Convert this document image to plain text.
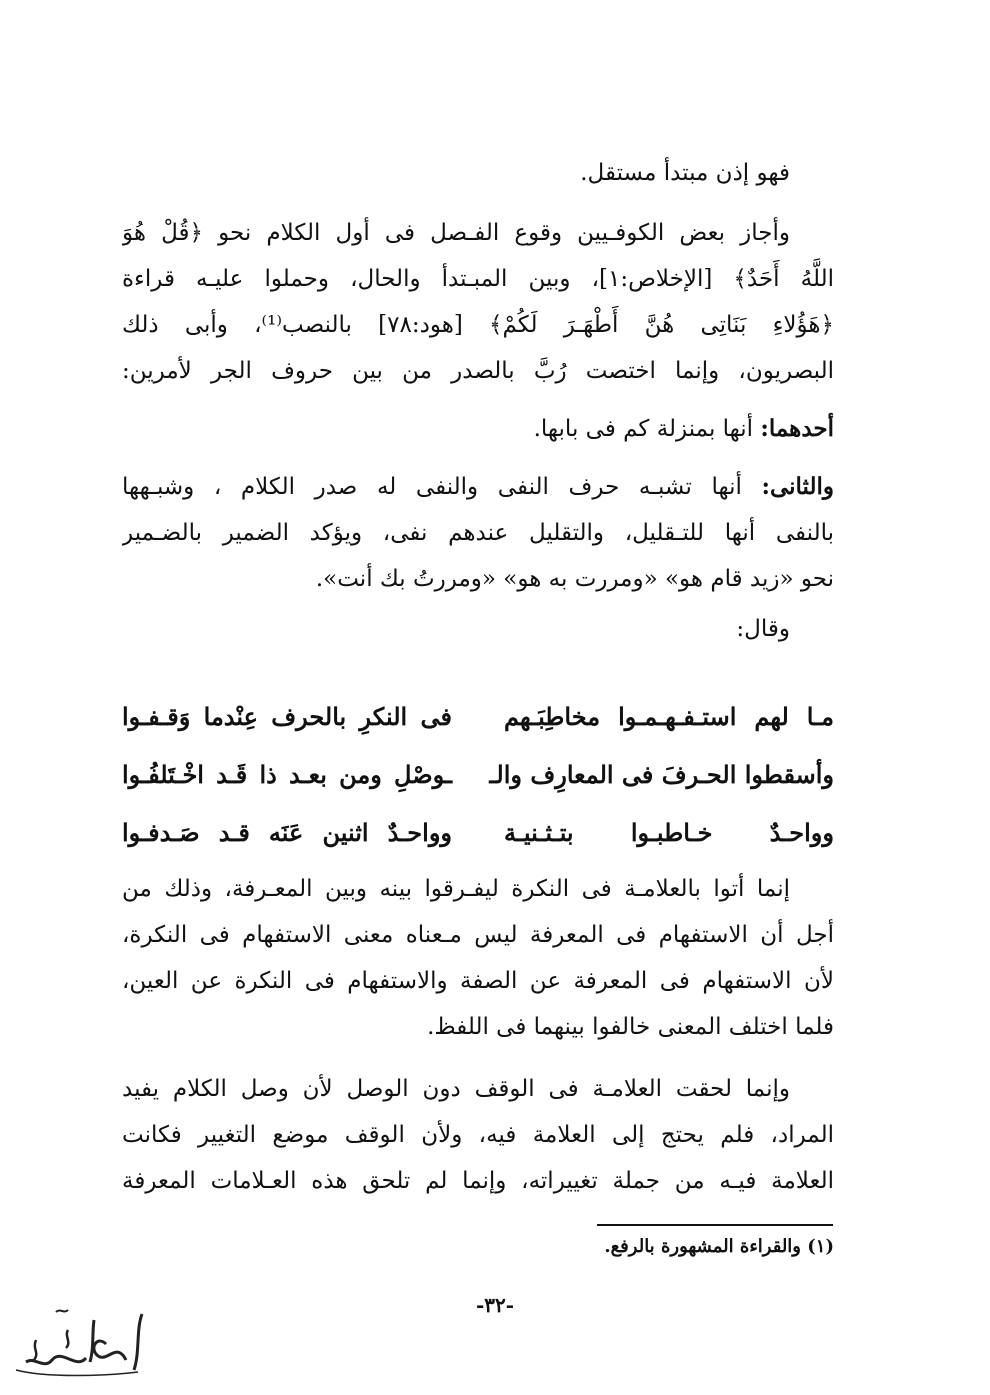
فهو إذن مبتدأ مستقل.
وأجاز بعض الكوفـيين وقوع الفـصل فى أول الكلام نحو ﴿قُلْ هُوَ
اللَّهُ أَحَدٌ﴾ [الإخلاص:١]، وبين المبـتدأ والحال، وحملوا عليـه قراءة
﴿هَؤُلاءِ بَنَاتِى هُنَّ أَطْهَـرَ لَكُمْ﴾ [هود:٧٨] بالنصب⁽¹⁾، وأبى ذلك
البصريون، وإنما اختصت رُبَّ بالصدر من بين حروف الجر لأمرين:
أحدهما: أنها بمنزلة كم فى بابها.
والثانى: أنها تشبـه حرف النفى والنفى له صدر الكلام ، وشبـهها
بالنفى أنها للتـقليل، والتقليل عندهم نفى، ويؤكد الضمير بالضـمير
نحو «زيد قام هو» «ومررت به هو» «ومررتُ بك أنت».
وقال:
مـا لهم استـفـهـمـوا مخاطِبَـهم
فى النكرِ بالحرف عِنْدما وَقـفـوا
وأسقطوا الحـرفَ فى المعارِف والـ
ـوصْلِ ومن بعـد ذا قَـد اخْـتَلفُـوا
وواحـدٌ خـاطبـوا بتـثـنيـة
وواحـدٌ اثنين عَنَه قـد صَـدفـوا
إنما أتوا بالعلامـة فى النكرة ليفـرقوا بينه وبين المعـرفة، وذلك من
أجل أن الاستفهام فى المعرفة ليس مـعناه معنى الاستفهام فى النكرة،
لأن الاستفهام فى المعرفة عن الصفة والاستفهام فى النكرة عن العين،
فلما اختلف المعنى خالفوا بينهما فى اللفظ.
وإنما لحقت العلامـة فى الوقف دون الوصل لأن وصل الكلام يفيد
المراد، فلم يحتج إلى العلامة فيه، ولأن الوقف موضع التغيير فكانت
العلامة فيـه من جملة تغييراته، وإنما لم تلحق هذه العـلامات المعرفة
(١) والقراءة المشهورة بالرفع.
-٣٢-
